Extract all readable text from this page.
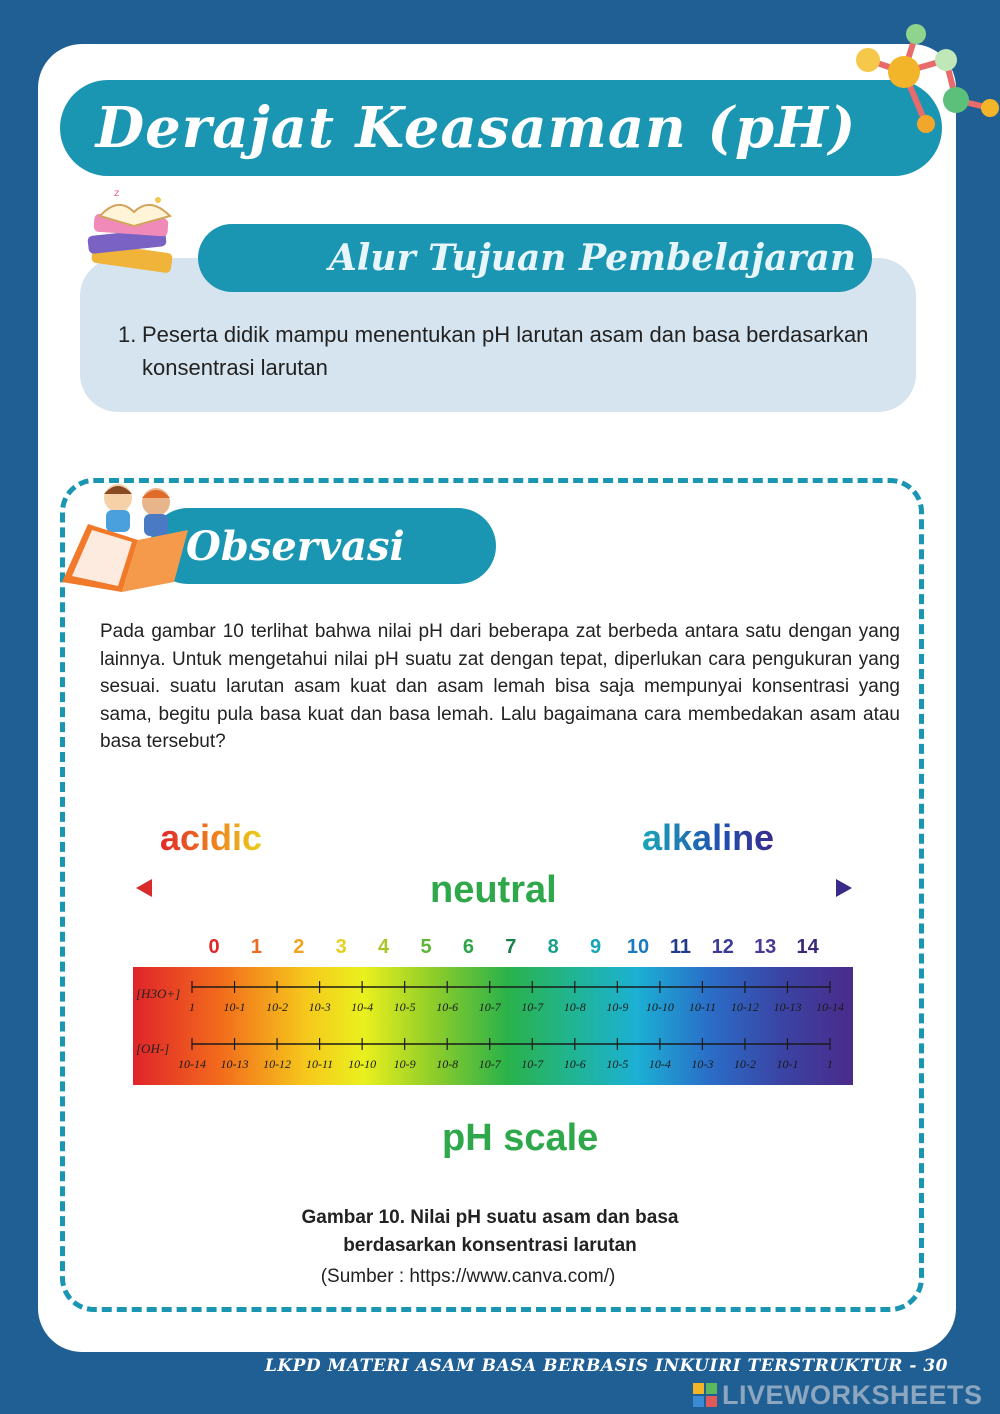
Derajat Keasaman (pH)
Alur Tujuan Pembelajaran
z
1. Peserta didik mampu menentukan pH larutan asam dan basa berdasarkan konsentrasi larutan
Observasi
Pada gambar 10 terlihat bahwa nilai pH dari beberapa zat berbeda antara satu dengan yang lainnya. Untuk mengetahui nilai pH suatu zat dengan tepat, diperlukan cara pengukuran yang sesuai. suatu larutan asam kuat dan asam lemah bisa saja mempunyai konsentrasi yang sama, begitu pula basa kuat dan basa lemah. Lalu bagaimana cara membedakan asam atau basa tersebut?
acidic	alkaline
neutral
0 1 2 3 4 5 6 7 8 9 10 11 12 13 14
[H3O+]
[OH-]
1 10-1 10-2 10-3 10-4 10-5 10-6 10-7 10-7 10-8 10-9 10-10 10-11 10-12 10-13 10-14
10-14 10-13 10-12 10-11 10-10 10-9 10-8 10-7 10-7 10-6 10-5 10-4 10-3 10-2 10-1 1
pH scale
Gambar 10. Nilai pH suatu asam dan basa
berdasarkan konsentrasi larutan
(Sumber : https://www.canva.com/)
LKPD MATERI ASAM BASA BERBASIS INKUIRI TERSTRUKTUR - 30
LIVEWORKSHEETS
